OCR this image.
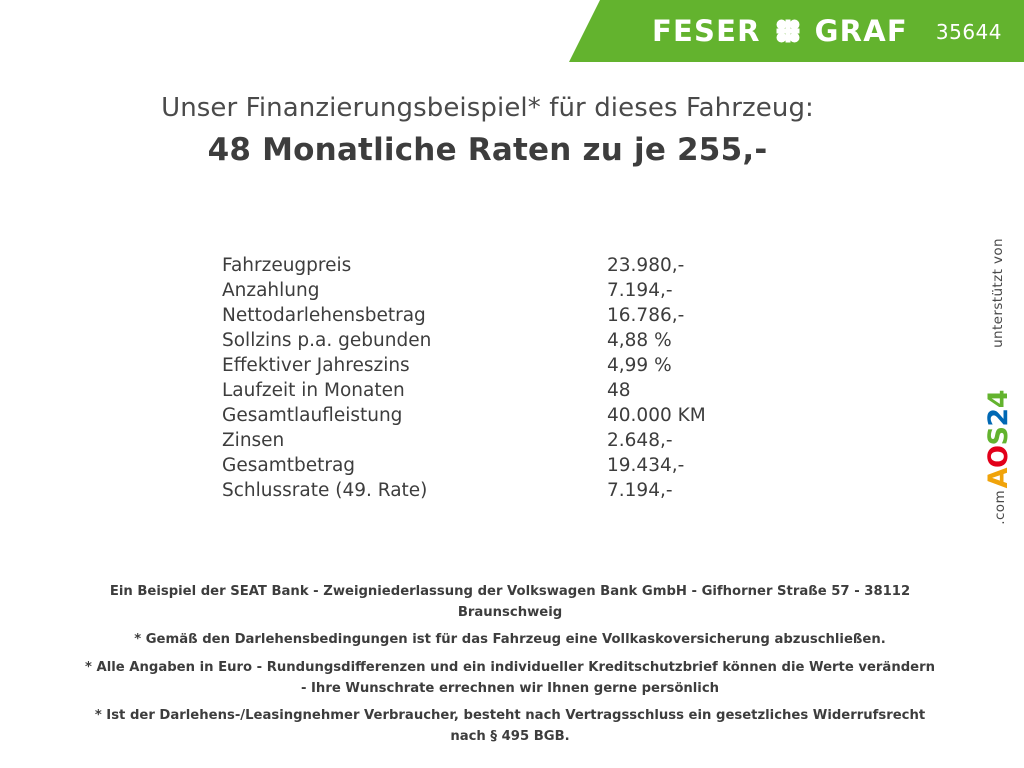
FESER GRAF 35644
Unser Finanzierungsbeispiel* für dieses Fahrzeug:
48 Monatliche Raten zu je 255,-
Fahrzeugpreis	23.980,-
Anzahlung	7.194,-
Nettodarlehensbetrag	16.786,-
Sollzins p.a. gebunden	4,88 %
Effektiver Jahreszins	4,99 %
Laufzeit in Monaten	48
Gesamtlaufleistung	40.000 KM
Zinsen	2.648,-
Gesamtbetrag	19.434,-
Schlussrate (49. Rate)	7.194,-
Ein Beispiel der SEAT Bank - Zweigniederlassung der Volkswagen Bank GmbH - Gifhorner Straße 57 - 38112
Braunschweig
* Gemäß den Darlehensbedingungen ist für das Fahrzeug eine Vollkaskoversicherung abzuschließen.
* Alle Angaben in Euro - Rundungsdifferenzen und ein individueller Kreditschutzbrief können die Werte verändern
- Ihre Wunschrate errechnen wir Ihnen gerne persönlich
* Ist der Darlehens-/Leasingnehmer Verbraucher, besteht nach Vertragsschluss ein gesetzliches Widerrufsrecht
nach § 495 BGB.
unterstützt von
AOS24
.com
